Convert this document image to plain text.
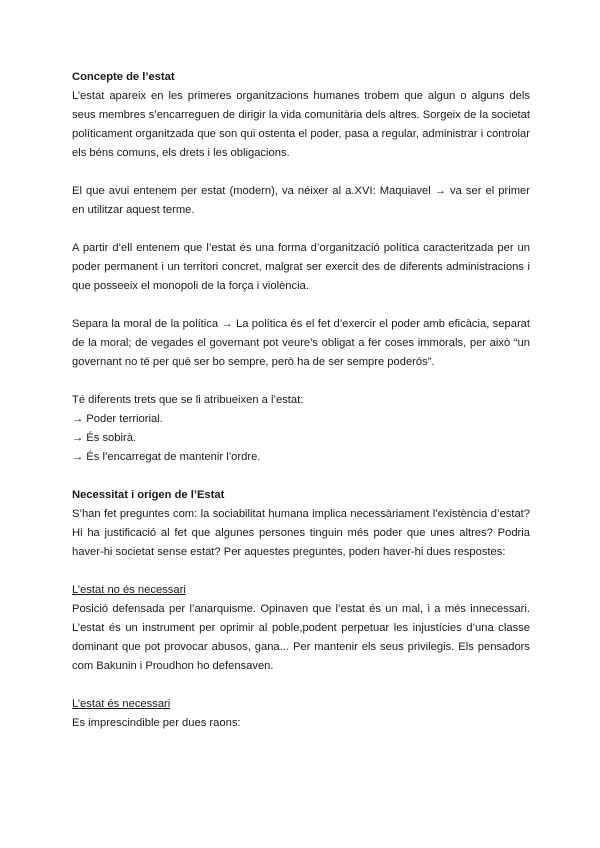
Concepte de l’estat

L’estat apareix en les primeres organitzacions humanes trobem que algun o alguns dels seus membres s’encarreguen de dirigir la vida comunitària dels altres. Sorgeix de la societat políticament organitzada que son qui ostenta el poder, pasa a regular, administrar i controlar els béns comuns, els drets i les obligacions.

El que avui entenem per estat (modern), va néixer al a.XVI: Maquiavel → va ser el primer en utilitzar aquest terme.

A partir d’ell entenem que l’estat és una forma d’organització política caracteritzada per un poder permanent i un territori concret, malgrat ser exercit des de diferents administracions i que posseeix el monopoli de la força i violència.

Separa la moral de la política → La política és el fet d’exercir el poder amb eficàcia, separat de la moral; de vegades el governant pot veure’s obligat a fer coses immorals, per això “un governant no té per què ser bo sempre, però ha de ser sempre poderós”.

Té diferents trets que se li atribueixen a l’estat:

→ Poder terriorial.

→ És sobirà.

→ És l’encarregat de mantenir l’ordre.

Necessitat i origen de l’Estat

S’han fet preguntes com: la sociabilitat humana implica necessàriament l’existència d’estat? Hi ha justificació al fet que algunes persones tinguin més poder que unes altres? Podria haver-hi societat sense estat? Per aquestes preguntes, poden haver-hi dues respostes:

L’estat no és necessari

Posició defensada per l’anarquisme. Opinaven que l’estat és un mal, i a més innecessari. L’estat és un instrument per oprimir al poble,podent perpetuar les injustícies d’una classe dominant que pot provocar abusos, gana... Per mantenir els seus privilegis. Els pensadors com Bakunin i Proudhon ho defensaven.

L’estat és necessari

Es imprescindible per dues raons:
